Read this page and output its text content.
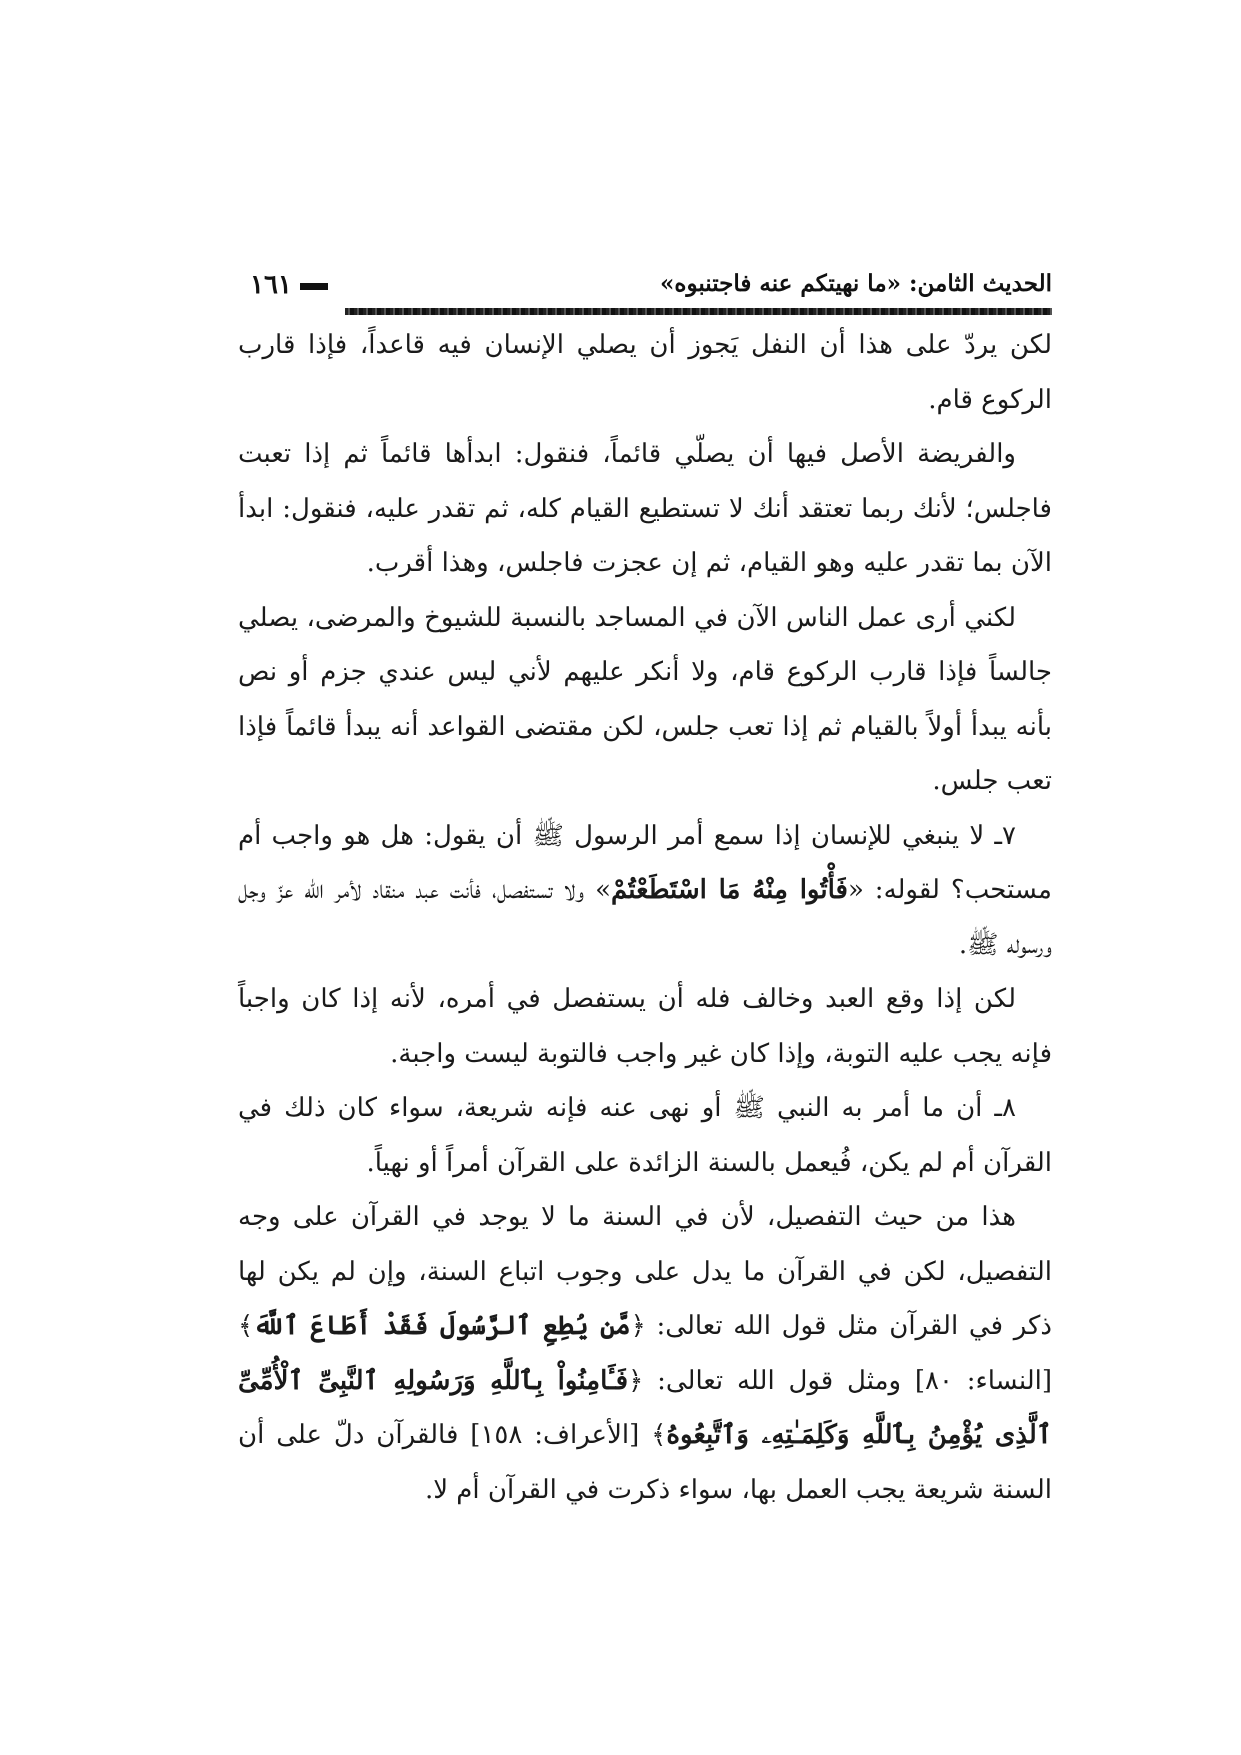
الحديث الثامن: «ما نهيتكم عنه فاجتنبوه»
١٦١

لكن يردّ على هذا أن النفل يَجوز أن يصلي الإنسان فيه قاعداً، فإذا قارب الركوع قام.

والفريضة الأصل فيها أن يصلّي قائماً، فنقول: ابدأها قائماً ثم إذا تعبت فاجلس؛ لأنك ربما تعتقد أنك لا تستطيع القيام كله، ثم تقدر عليه، فنقول: ابدأ الآن بما تقدر عليه وهو القيام، ثم إن عجزت فاجلس، وهذا أقرب.

لكني أرى عمل الناس الآن في المساجد بالنسبة للشيوخ والمرضى، يصلي جالساً فإذا قارب الركوع قام، ولا أنكر عليهم لأني ليس عندي جزم أو نص بأنه يبدأ أولاً بالقيام ثم إذا تعب جلس، لكن مقتضى القواعد أنه يبدأ قائماً فإذا تعب جلس.

٧ـ لا ينبغي للإنسان إذا سمع أمر الرسول ﷺ أن يقول: هل هو واجب أم مستحب؟ لقوله: «فَأْتُوا مِنْهُ مَا اسْتَطَعْتُمْ» ولا تستفصل، فأنت عبد منقاد لأمر الله عزّ وجل ورسوله ﷺ.

لكن إذا وقع العبد وخالف فله أن يستفصل في أمره، لأنه إذا كان واجباً فإنه يجب عليه التوبة، وإذا كان غير واجب فالتوبة ليست واجبة.

٨ـ أن ما أمر به النبي ﷺ أو نهى عنه فإنه شريعة، سواء كان ذلك في القرآن أم لم يكن، فُيعمل بالسنة الزائدة على القرآن أمراً أو نهياً.

هذا من حيث التفصيل، لأن في السنة ما لا يوجد في القرآن على وجه التفصيل، لكن في القرآن ما يدل على وجوب اتباع السنة، وإن لم يكن لها ذكر في القرآن مثل قول الله تعالى: ﴿مَّن يُطِعِ ٱلرَّسُولَ فَقَدْ أَطَاعَ ٱللَّهَ﴾ [النساء: ٨٠] ومثل قول الله تعالى: ﴿فَـَٔامِنُواْ بِٱللَّهِ وَرَسُولِهِ ٱلنَّبِىِّ ٱلْأُمِّىِّ ٱلَّذِى يُؤْمِنُ بِٱللَّهِ وَكَلِمَـٰتِهِۦ وَٱتَّبِعُوهُ﴾ [الأعراف: ١٥٨] فالقرآن دلّ على أن السنة شريعة يجب العمل بها، سواء ذكرت في القرآن أم لا.
